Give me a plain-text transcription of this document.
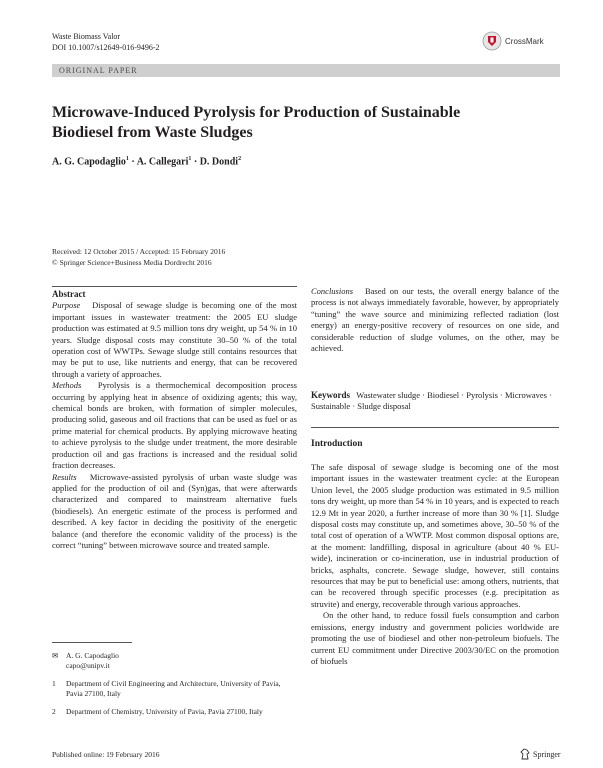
Waste Biomass Valor
DOI 10.1007/s12649-016-9496-2
CrossMark
ORIGINAL PAPER
Microwave-Induced Pyrolysis for Production of Sustainable Biodiesel from Waste Sludges
A. G. Capodaglio$^1$ · A. Callegari$^1$ · D. Dondi$^2$
Received: 12 October 2015 / Accepted: 15 February 2016
© Springer Science+Business Media Dordrecht 2016

Abstract

Purpose Disposal of sewage sludge is becoming one of the most important issues in wastewater treatment: the 2005 EU sludge production was estimated at 9.5 million tons dry weight, up 54 % in 10 years. Sludge disposal costs may constitute 30–50 % of the total operation cost of WWTPs. Sewage sludge still contains resources that may be put to use, like nutrients and energy, that can be recovered through a variety of approaches.

Methods Pyrolysis is a thermochemical decomposition process occurring by applying heat in absence of oxidizing agents; this way, chemical bonds are broken, with formation of simpler molecules, producing solid, gaseous and oil fractions that can be used as fuel or as prime material for chemical products. By applying microwave heating to achieve pyrolysis to the sludge under treatment, the more desirable production oil and gas fractions is increased and the residual solid fraction decreases.

Results Microwave-assisted pyrolysis of urban waste sludge was applied for the production of oil and (Syn)gas, that were afterwards characterized and compared to mainstream alternative fuels (biodiesels). An energetic estimate of the process is performed and described. A key factor in deciding the positivity of the energetic balance (and therefore the economic validity of the process) is the correct “tuning” between microwave source and treated sample.

✉ A. G. Capodaglio
capo@unipv.it
1 Department of Civil Engineering and Architecture, University of Pavia, Pavia 27100, Italy
2 Department of Chemistry, University of Pavia, Pavia 27100, Italy

Conclusions Based on our tests, the overall energy balance of the process is not always immediately favorable, however, by appropriately “tuning” the wave source and minimizing reflected radiation (lost energy) an energy-positive recovery of resources on one side, and considerable reduction of sludge volumes, on the other, may be achieved.

Keywords Wastewater sludge · Biodiesel · Pyrolysis · Microwaves · Sustainable · Sludge disposal
Introduction

The safe disposal of sewage sludge is becoming one of the most important issues in the wastewater treatment cycle: at the European Union level, the 2005 sludge production was estimated in 9.5 million tons dry weight, up more than 54 % in 10 years, and is expected to reach 12.9 Mt in year 2020, a further increase of more than 30 % [1]. Sludge disposal costs may constitute up, and sometimes above, 30–50 % of the total cost of operation of a WWTP. Most common disposal options are, at the moment: landfilling, disposal in agriculture (about 40 % EU-wide), incineration or co-incineration, use in industrial production of bricks, asphalts, concrete. Sewage sludge, however, still contains resources that may be put to beneficial use: among others, nutrients, that can be recovered through specific processes (e.g. precipitation as struvite) and energy, recoverable through various approaches.

On the other hand, to reduce fossil fuels consumption and carbon emissions, energy industry and government policies worldwide are promoting the use of biodiesel and other non-petroleum biofuels. The current EU commitment under Directive 2003/30/EC on the promotion of biofuels

Published online: 19 February 2016	Springer
